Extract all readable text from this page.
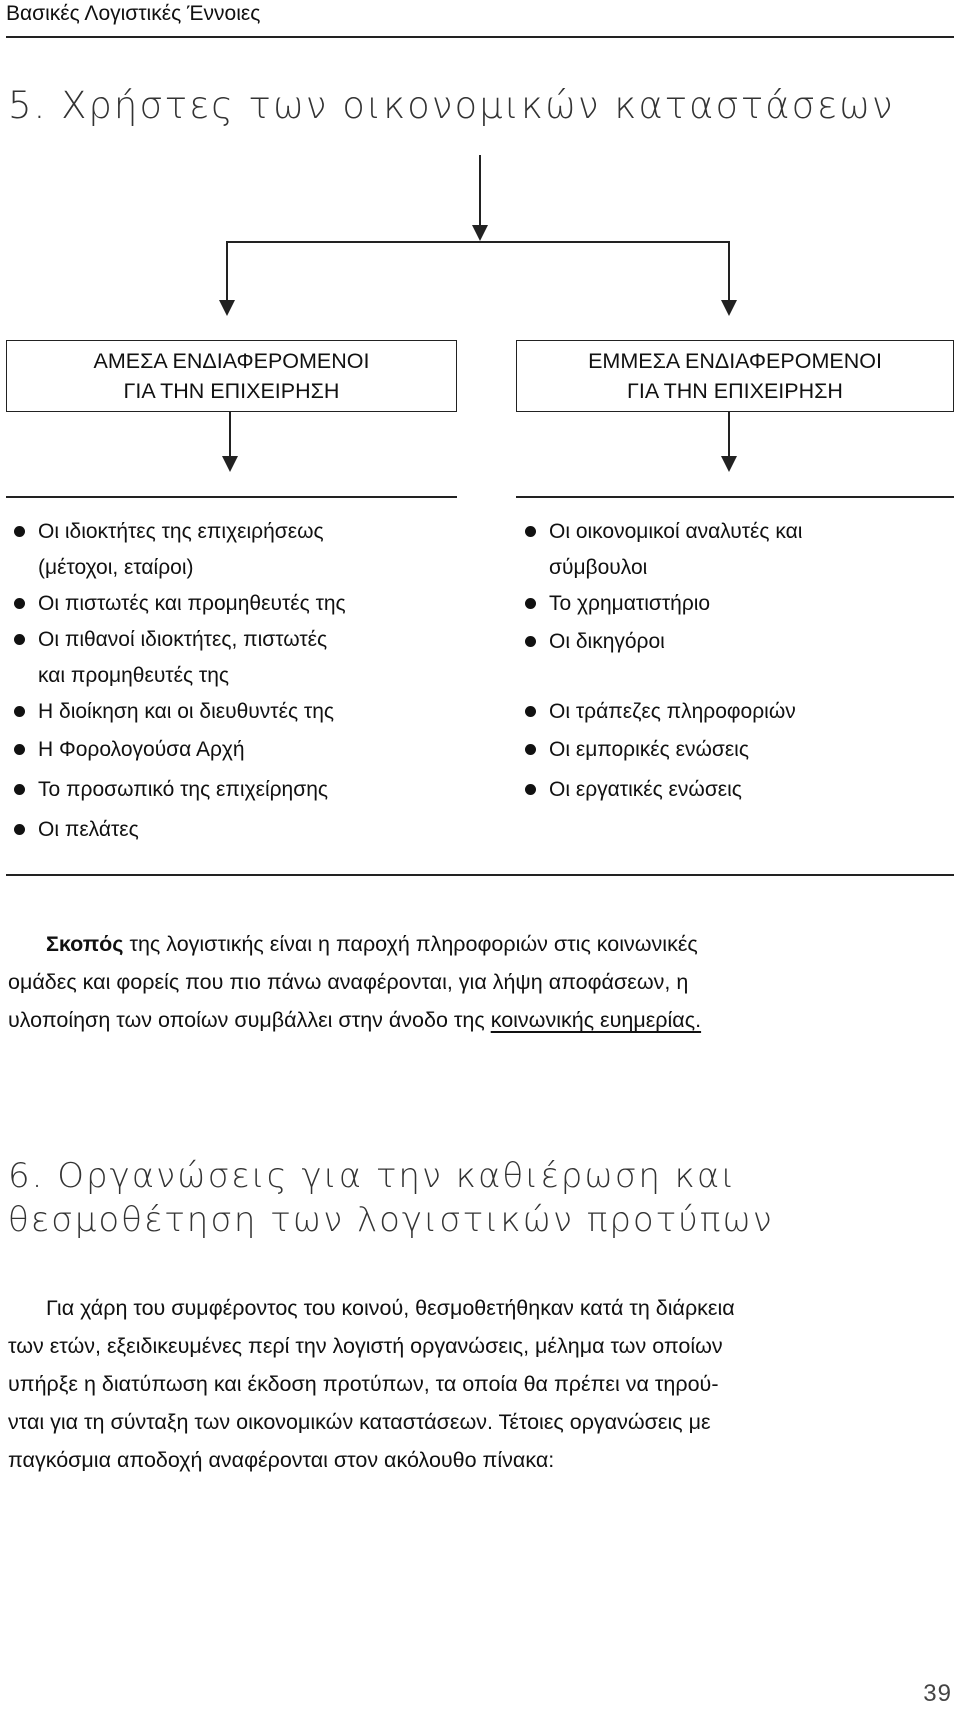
Βασικές Λογιστικές Έννοιες
5. Χρήστες των οικονομικών καταστάσεων
ΑΜΕΣΑ ΕΝΔΙΑΦΕΡΟΜΕΝΟΙ
ΓΙΑ ΤΗΝ ΕΠΙΧΕΙΡΗΣΗ
ΕΜΜΕΣΑ ΕΝΔΙΑΦΕΡΟΜΕΝΟΙ
ΓΙΑ ΤΗΝ ΕΠΙΧΕΙΡΗΣΗ
Οι ιδιοκτήτες της επιχειρήσεως
(μέτοχοι, εταίροι)
Οι πιστωτές και προμηθευτές της
Οι πιθανοί ιδιοκτήτες, πιστωτές
και προμηθευτές της
Η διοίκηση και οι διευθυντές της
Η Φορολογούσα Αρχή
Το προσωπικό της επιχείρησης
Οι πελάτες
Οι οικονομικοί αναλυτές και
σύμβουλοι
Το χρηματιστήριο
Οι δικηγόροι
Οι τράπεζες πληροφοριών
Οι εμπορικές ενώσεις
Οι εργατικές ενώσεις
Σκοπός της λογιστικής είναι η παροχή πληροφοριών στις κοινωνικές
ομάδες και φορείς που πιο πάνω αναφέρονται, για λήψη αποφάσεων, η
υλοποίηση των οποίων συμβάλλει στην άνοδο της κοινωνικής ευημερίας.
6. Οργανώσεις για την καθιέρωση και
θεσμοθέτηση των λογιστικών προτύπων
Για χάρη του συμφέροντος του κοινού, θεσμοθετήθηκαν κατά τη διάρκεια
των ετών, εξειδικευμένες περί την λογιστή οργανώσεις, μέλημα των οποίων
υπήρξε η διατύπωση και έκδοση προτύπων, τα οποία θα πρέπει να τηρού-
νται για τη σύνταξη των οικονομικών καταστάσεων. Τέτοιες οργανώσεις με
παγκόσμια αποδοχή αναφέρονται στον ακόλουθο πίνακα:
39
